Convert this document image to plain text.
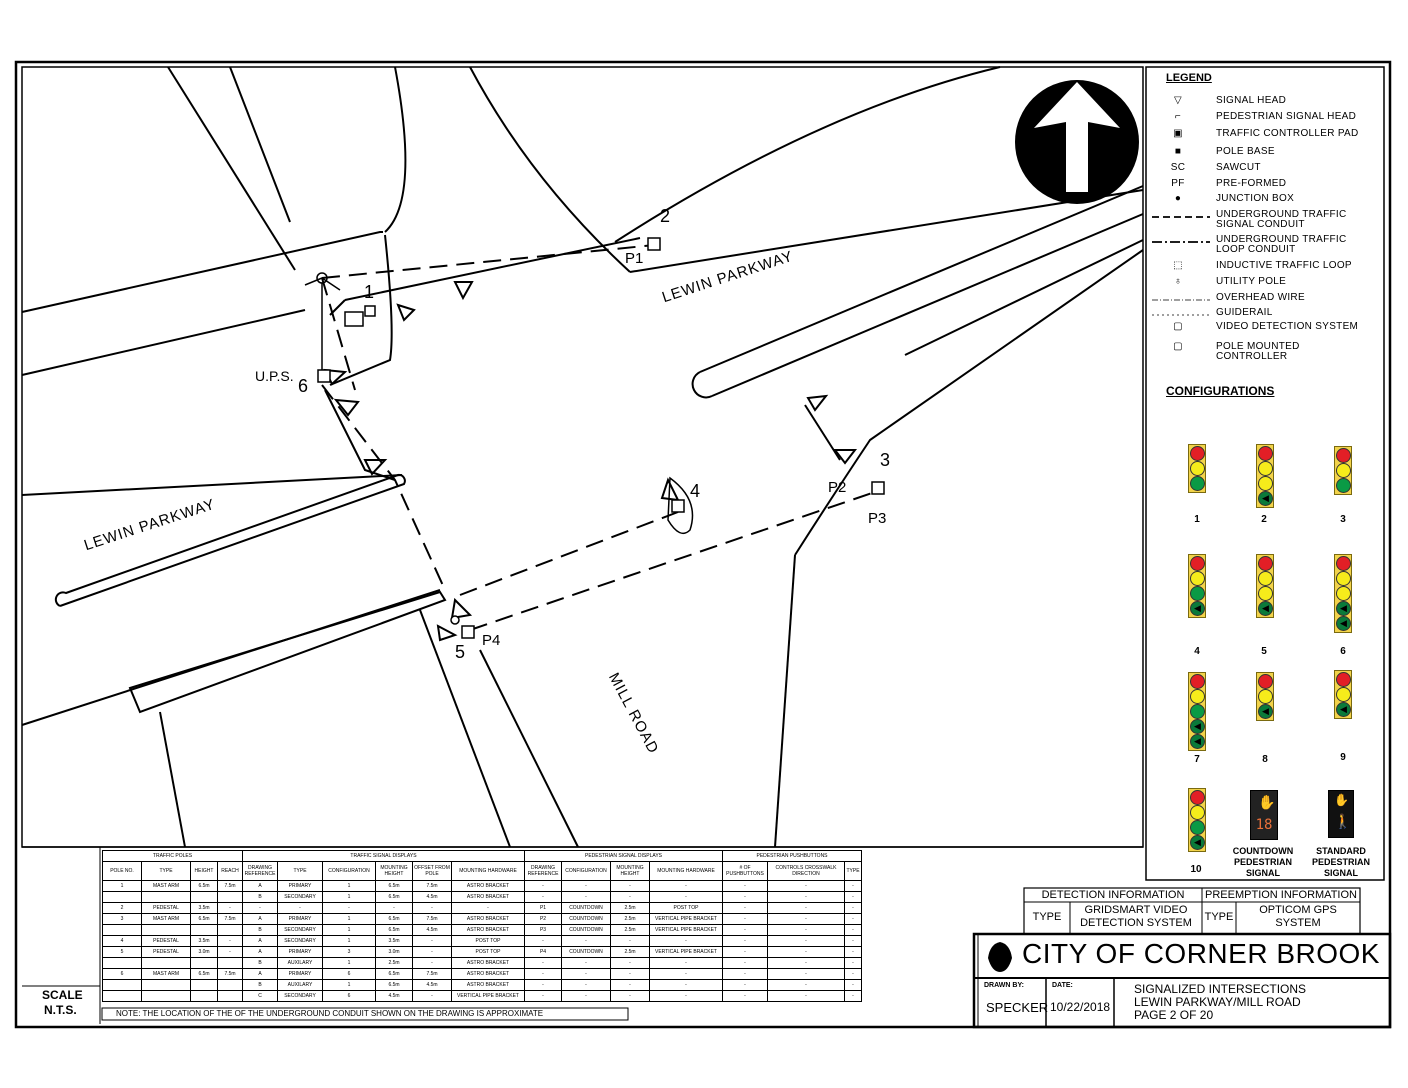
LEWIN PARKWAY
LEWIN PARKWAY
MILL ROAD
1
2
3
4
5
6
P1
P2
P3
P4
U.P.S.
LEGEND
▽	SIGNAL HEAD
⌐	PEDESTRIAN SIGNAL HEAD
▣	TRAFFIC CONTROLLER PAD
■	POLE BASE
SC	SAWCUT
PF	PRE-FORMED
●	JUNCTION BOX
UNDERGROUND TRAFFIC SIGNAL CONDUIT
UNDERGROUND TRAFFIC LOOP CONDUIT
⬚	INDUCTIVE TRAFFIC LOOP
♁	UTILITY POLE
OVERHEAD WIRE
GUIDERAIL
▢	VIDEO DETECTION SYSTEM
▢	POLE MOUNTED CONTROLLER
CONFIGURATIONS
1
◀
2	3
◀
4
◀
5
◀
◀
6
◀
◀
7
◀
8
◀
9
◀
10
✋
18
✋
🚶
COUNTDOWN PEDESTRIAN SIGNAL
STANDARD PEDESTRIAN SIGNAL
TRAFFIC POLES				TRAFFIC SIGNAL DISPLAYS						PEDESTRIAN SIGNAL DISPLAYS				PEDESTRIAN PUSHBUTTONS		
POLE NO.	TYPE	HEIGHT	REACH	DRAWING REFERENCE	TYPE	CONFIGURATION	MOUNTING HEIGHT	OFFSET FROM POLE	MOUNTING HARDWARE	DRAWING REFERENCE	CONFIGURATION	MOUNTING HEIGHT	MOUNTING HARDWARE	# OF PUSHBUTTONS	CONTROLS CROSSWALK DIRECTION	TYPE
1	MAST ARM	6.5m	7.5m	A	PRIMARY	1	6.5m	7.5m	ASTRO BRACKET	-	-	-	-	-	-	-
				B	SECONDARY	1	6.5m	4.5m	ASTRO BRACKET	-	-	-	-	-	-	-
2	PEDESTAL	3.5m	-	-	-	-	-	-	-	P1	COUNTDOWN	2.5m	POST TOP	-	-	-
3	MAST ARM	6.5m	7.5m	A	PRIMARY	1	6.5m	7.5m	ASTRO BRACKET	P2	COUNTDOWN	2.5m	VERTICAL PIPE BRACKET	-	-	-
				B	SECONDARY	1	6.5m	4.5m	ASTRO BRACKET	P3	COUNTDOWN	2.5m	VERTICAL PIPE BRACKET	-	-	-
4	PEDESTAL	3.5m	-	A	SECONDARY	1	3.5m	-	POST TOP	-	-	-	-	-	-	-
5	PEDESTAL	3.0m	-	A	PRIMARY	3	3.0m	-	POST TOP	P4	COUNTDOWN	2.5m	VERTICAL PIPE BRACKET	-	-	-
				B	AUXILARY	1	2.5m	-	ASTRO BRACKET	-	-	-	-	-	-	-
6	MAST ARM	6.5m	7.5m	A	PRIMARY	6	6.5m	7.5m	ASTRO BRACKET	-	-	-	-	-	-	-
				B	AUXILARY	1	6.5m	4.5m	ASTRO BRACKET	-	-	-	-	-	-	-
				C	SECONDARY	6	4.5m	-	VERTICAL PIPE BRACKET	-	-	-	-	-	-	-
NOTE: THE LOCATION OF THE OF THE UNDERGROUND CONDUIT SHOWN ON THE DRAWING IS APPROXIMATE
SCALE
N.T.S.
DETECTION INFORMATION
TYPE
GRIDSMART VIDEO DETECTION SYSTEM
PREEMPTION INFORMATION
TYPE
OPTICOM GPS SYSTEM
CITY OF CORNER BROOK
DRAWN BY:
SPECKER
DATE:
10/22/2018
SIGNALIZED INTERSECTIONS
LEWIN PARKWAY/MILL ROAD
PAGE 2 OF 20
